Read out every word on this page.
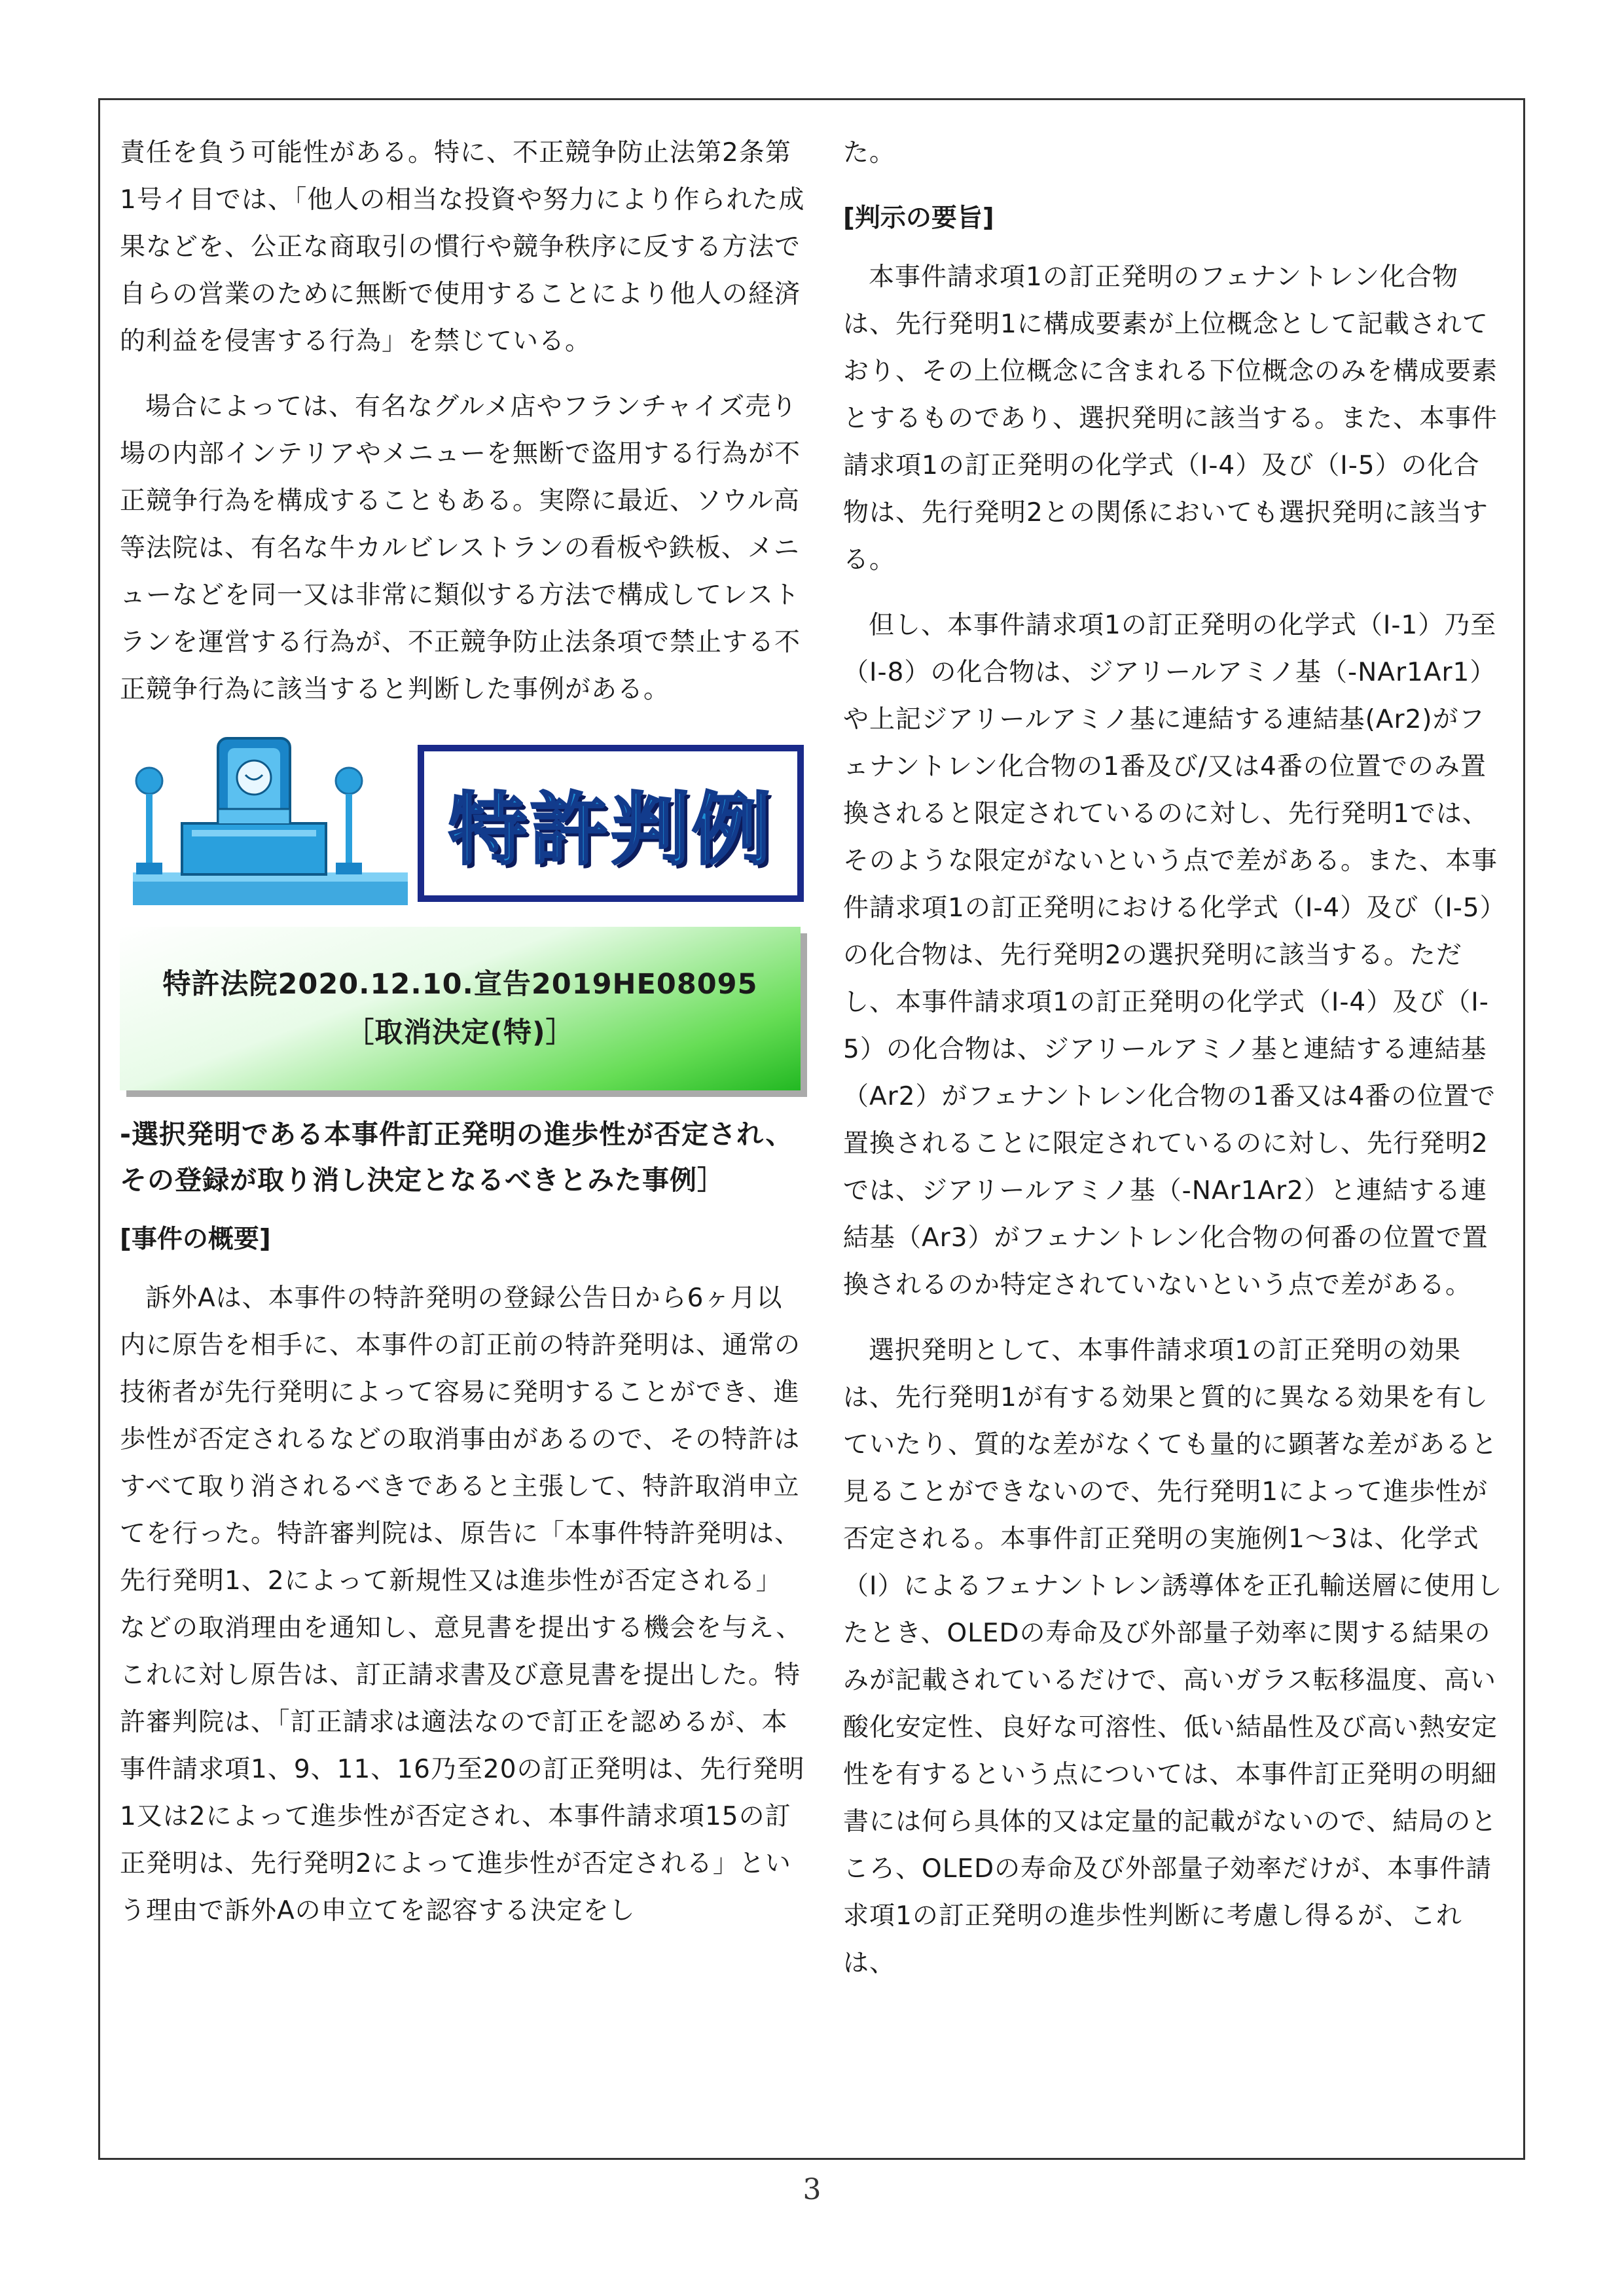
責任を負う可能性がある。特に、不正競争防止法第2条第1号イ目では、「他人の相当な投資や努力により作られた成果などを、公正な商取引の慣行や競争秩序に反する方法で自らの営業のために無断で使用することにより他人の経済的利益を侵害する行為」を禁じている。

場合によっては、有名なグルメ店やフランチャイズ売り場の内部インテリアやメニューを無断で盗用する行為が不正競争行為を構成することもある。実際に最近、ソウル高等法院は、有名な牛カルビレストランの看板や鉄板、メニューなどを同一又は非常に類似する方法で構成してレストランを運営する行為が、不正競争防止法条項で禁止する不正競争行為に該当すると判断した事例がある。

特許判例
特許法院2020.12.10.宣告2019HE08095
［取消決定(特)］
-選択発明である本事件訂正発明の進歩性が否定され、その登録が取り消し決定となるべきとみた事例］
[事件の概要]

訴外Aは、本事件の特許発明の登録公告日から6ヶ月以内に原告を相手に、本事件の訂正前の特許発明は、通常の技術者が先行発明によって容易に発明することができ、進歩性が否定されるなどの取消事由があるので、その特許はすべて取り消されるべきであると主張して、特許取消申立てを行った。特許審判院は、原告に「本事件特許発明は、先行発明1、2によって新規性又は進歩性が否定される」などの取消理由を通知し、意見書を提出する機会を与え、これに対し原告は、訂正請求書及び意見書を提出した。特許審判院は、「訂正請求は適法なので訂正を認めるが、本事件請求項1、9、11、16乃至20の訂正発明は、先行発明1又は2によって進歩性が否定され、本事件請求項15の訂正発明は、先行発明2によって進歩性が否定される」という理由で訴外Aの申立てを認容する決定をし

た。

[判示の要旨]

本事件請求項1の訂正発明のフェナントレン化合物は、先行発明1に構成要素が上位概念として記載されており、その上位概念に含まれる下位概念のみを構成要素とするものであり、選択発明に該当する。また、本事件請求項1の訂正発明の化学式（I-4）及び（I-5）の化合物は、先行発明2との関係においても選択発明に該当する。

但し、本事件請求項1の訂正発明の化学式（I-1）乃至（I-8）の化合物は、ジアリールアミノ基（-NAr1Ar1）や上記ジアリールアミノ基に連結する連結基(Ar2)がフェナントレン化合物の1番及び/又は4番の位置でのみ置換されると限定されているのに対し、先行発明1では、そのような限定がないという点で差がある。また、本事件請求項1の訂正発明における化学式（I-4）及び（I-5）の化合物は、先行発明2の選択発明に該当する。ただし、本事件請求項1の訂正発明の化学式（I-4）及び（I-5）の化合物は、ジアリールアミノ基と連結する連結基（Ar2）がフェナントレン化合物の1番又は4番の位置で置換されることに限定されているのに対し、先行発明2では、ジアリールアミノ基（-NAr1Ar2）と連結する連結基（Ar3）がフェナントレン化合物の何番の位置で置換されるのか特定されていないという点で差がある。

選択発明として、本事件請求項1の訂正発明の効果は、先行発明1が有する効果と質的に異なる効果を有していたり、質的な差がなくても量的に顕著な差があると見ることができないので、先行発明1によって進歩性が否定される。本事件訂正発明の実施例1～3は、化学式（I）によるフェナントレン誘導体を正孔輸送層に使用したとき、OLEDの寿命及び外部量子効率に関する結果のみが記載されているだけで、高いガラス転移温度、高い酸化安定性、良好な可溶性、低い結晶性及び高い熱安定性を有するという点については、本事件訂正発明の明細書には何ら具体的又は定量的記載がないので、結局のところ、OLEDの寿命及び外部量子効率だけが、本事件請求項1の訂正発明の進歩性判断に考慮し得るが、これは、

3
